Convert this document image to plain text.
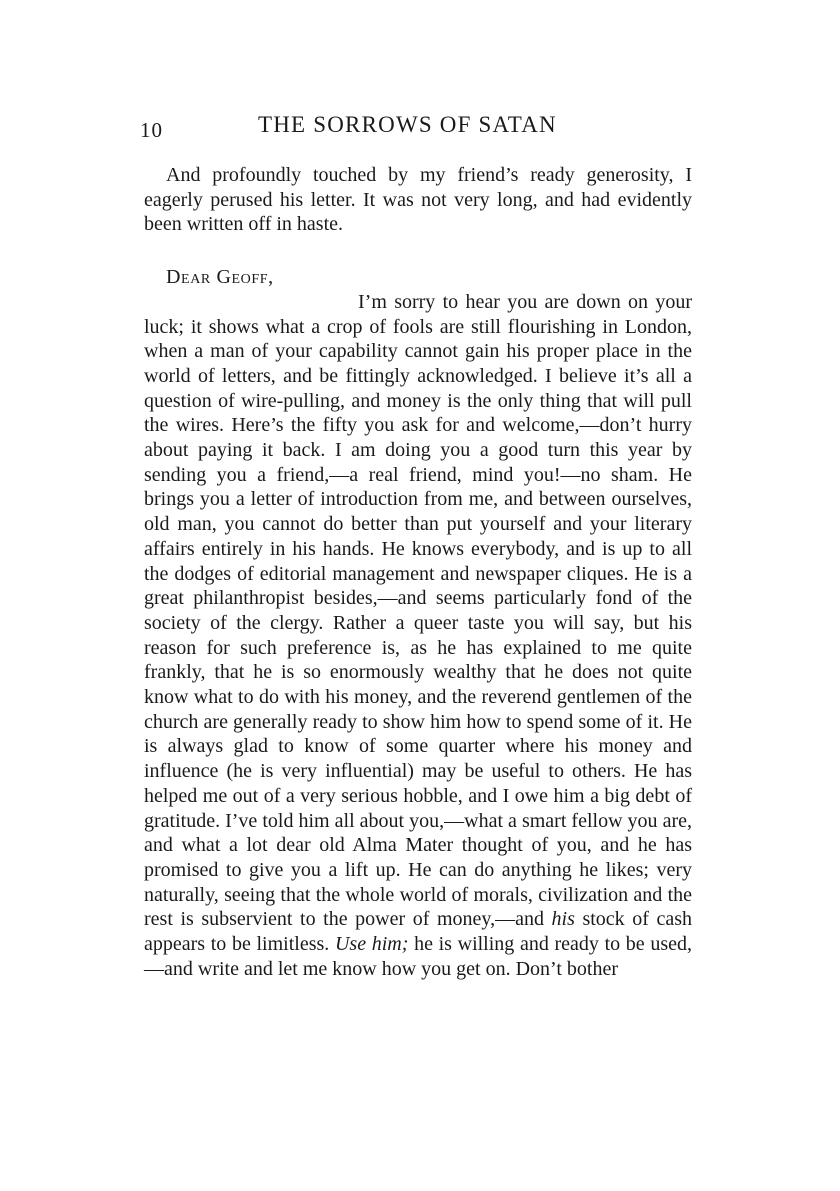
10	THE SORROWS OF SATAN

And profoundly touched by my friend’s ready generosity, I eagerly perused his letter. It was not very long, and had evidently been written off in haste.

Dear Geoff,

I’m sorry to hear you are down on your luck; it shows what a crop of fools are still flourishing in London, when a man of your capability cannot gain his proper place in the world of letters, and be fittingly acknowledged. I believe it’s all a question of wire-pulling, and money is the only thing that will pull the wires. Here’s the fifty you ask for and welcome,—don’t hurry about paying it back. I am doing you a good turn this year by sending you a friend,—a real friend, mind you!—no sham. He brings you a letter of introduction from me, and between ourselves, old man, you cannot do better than put yourself and your literary affairs entirely in his hands. He knows everybody, and is up to all the dodges of editorial management and newspaper cliques. He is a great philanthropist besides,—and seems particularly fond of the society of the clergy. Rather a queer taste you will say, but his reason for such preference is, as he has explained to me quite frankly, that he is so enormously wealthy that he does not quite know what to do with his money, and the reverend gentlemen of the church are generally ready to show him how to spend some of it. He is always glad to know of some quarter where his money and influence (he is very influential) may be useful to others. He has helped me out of a very serious hobble, and I owe him a big debt of gratitude. I’ve told him all about you,—what a smart fellow you are, and what a lot dear old Alma Mater thought of you, and he has promised to give you a lift up. He can do anything he likes; very naturally, seeing that the whole world of morals, civilization and the rest is subservient to the power of money,—and his stock of cash appears to be limitless. Use him; he is willing and ready to be used,—and write and let me know how you get on. Don’t bother
